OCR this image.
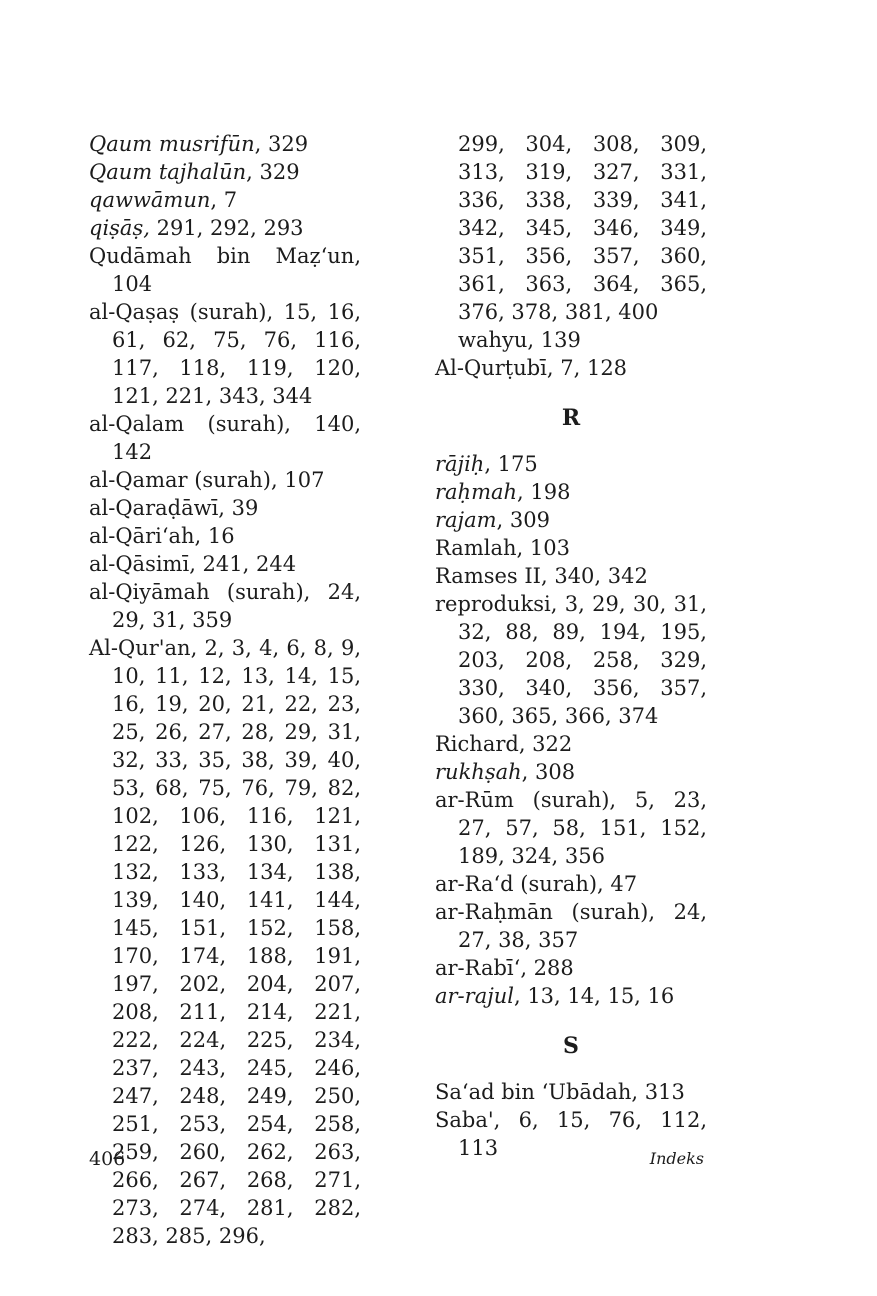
Qaum musrifūn, 329

Qaum tajhalūn, 329

qawwāmun, 7

qiṣāṣ, 291, 292, 293

Qudāmah bin Maẓ‘un, 104

al-Qaṣaṣ (surah), 15, 16, 61, 62, 75, 76, 116, 117, 118, 119, 120, 121, 221, 343, 344

al-Qalam (surah), 140, 142

al-Qamar (surah), 107

al-Qaraḍāwī, 39

al-Qāri‘ah, 16

al-Qāsimī, 241, 244

al-Qiyāmah (surah), 24, 29, 31, 359

Al-Qur'an, 2, 3, 4, 6, 8, 9, 10, 11, 12, 13, 14, 15, 16, 19, 20, 21, 22, 23, 25, 26, 27, 28, 29, 31, 32, 33, 35, 38, 39, 40, 53, 68, 75, 76, 79, 82, 102, 106, 116, 121, 122, 126, 130, 131, 132, 133, 134, 138, 139, 140, 141, 144, 145, 151, 152, 158, 170, 174, 188, 191, 197, 202, 204, 207, 208, 211, 214, 221, 222, 224, 225, 234, 237, 243, 245, 246, 247, 248, 249, 250, 251, 253, 254, 258, 259, 260, 262, 263, 266, 267, 268, 271, 273, 274, 281, 282, 283, 285, 296,

299, 304, 308, 309, 313, 319, 327, 331, 336, 338, 339, 341, 342, 345, 346, 349, 351, 356, 357, 360, 361, 363, 364, 365, 376, 378, 381, 400

wahyu, 139

Al-Qurṭubī, 7, 128

R

rājiḥ, 175

raḥmah, 198

rajam, 309

Ramlah, 103

Ramses II, 340, 342

reproduksi, 3, 29, 30, 31, 32, 88, 89, 194, 195, 203, 208, 258, 329, 330, 340, 356, 357, 360, 365, 366, 374

Richard, 322

rukhṣah, 308

ar-Rūm (surah), 5, 23, 27, 57, 58, 151, 152, 189, 324, 356

ar-Ra‘d (surah), 47

ar-Raḥmān (surah), 24, 27, 38, 357

ar-Rabī‘, 288

ar-rajul, 13, 14, 15, 16

S

Sa‘ad bin ‘Ubādah, 313

Saba', 6, 15, 76, 112, 113

406	Indeks
